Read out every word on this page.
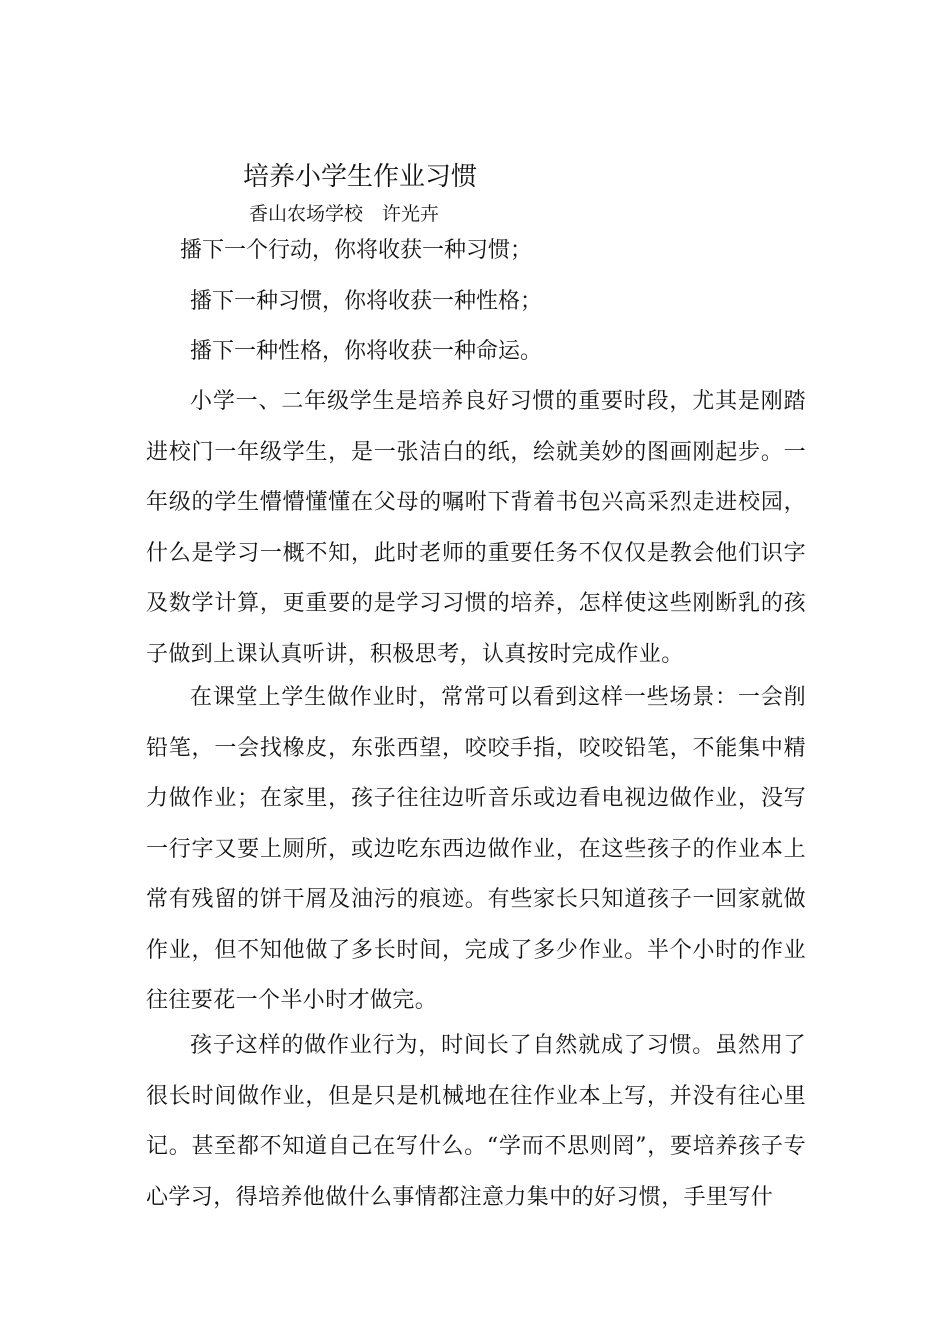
培养小学生作业习惯
香山农场学校　许光卉
播下一个行动，你将收获一种习惯；
播下一种习惯，你将收获一种性格；
播下一种性格，你将收获一种命运。

小学一、二年级学生是培养良好习惯的重要时段，尤其是刚踏进校门一年级学生，是一张洁白的纸，绘就美妙的图画刚起步。一年级的学生懵懵懂懂在父母的嘱咐下背着书包兴高采烈走进校园，什么是学习一概不知，此时老师的重要任务不仅仅是教会他们识字及数学计算，更重要的是学习习惯的培养，怎样使这些刚断乳的孩子做到上课认真听讲，积极思考，认真按时完成作业。

在课堂上学生做作业时，常常可以看到这样一些场景：一会削铅笔，一会找橡皮，东张西望，咬咬手指，咬咬铅笔，不能集中精力做作业；在家里，孩子往往边听音乐或边看电视边做作业，没写一行字又要上厕所，或边吃东西边做作业，在这些孩子的作业本上常有残留的饼干屑及油污的痕迹。有些家长只知道孩子一回家就做作业，但不知他做了多长时间，完成了多少作业。半个小时的作业往往要花一个半小时才做完。

孩子这样的做作业行为，时间长了自然就成了习惯。虽然用了很长时间做作业，但是只是机械地在往作业本上写，并没有往心里记。甚至都不知道自己在写什么。“学而不思则罔”，要培养孩子专心学习，得培养他做什么事情都注意力集中的好习惯，手里写什
